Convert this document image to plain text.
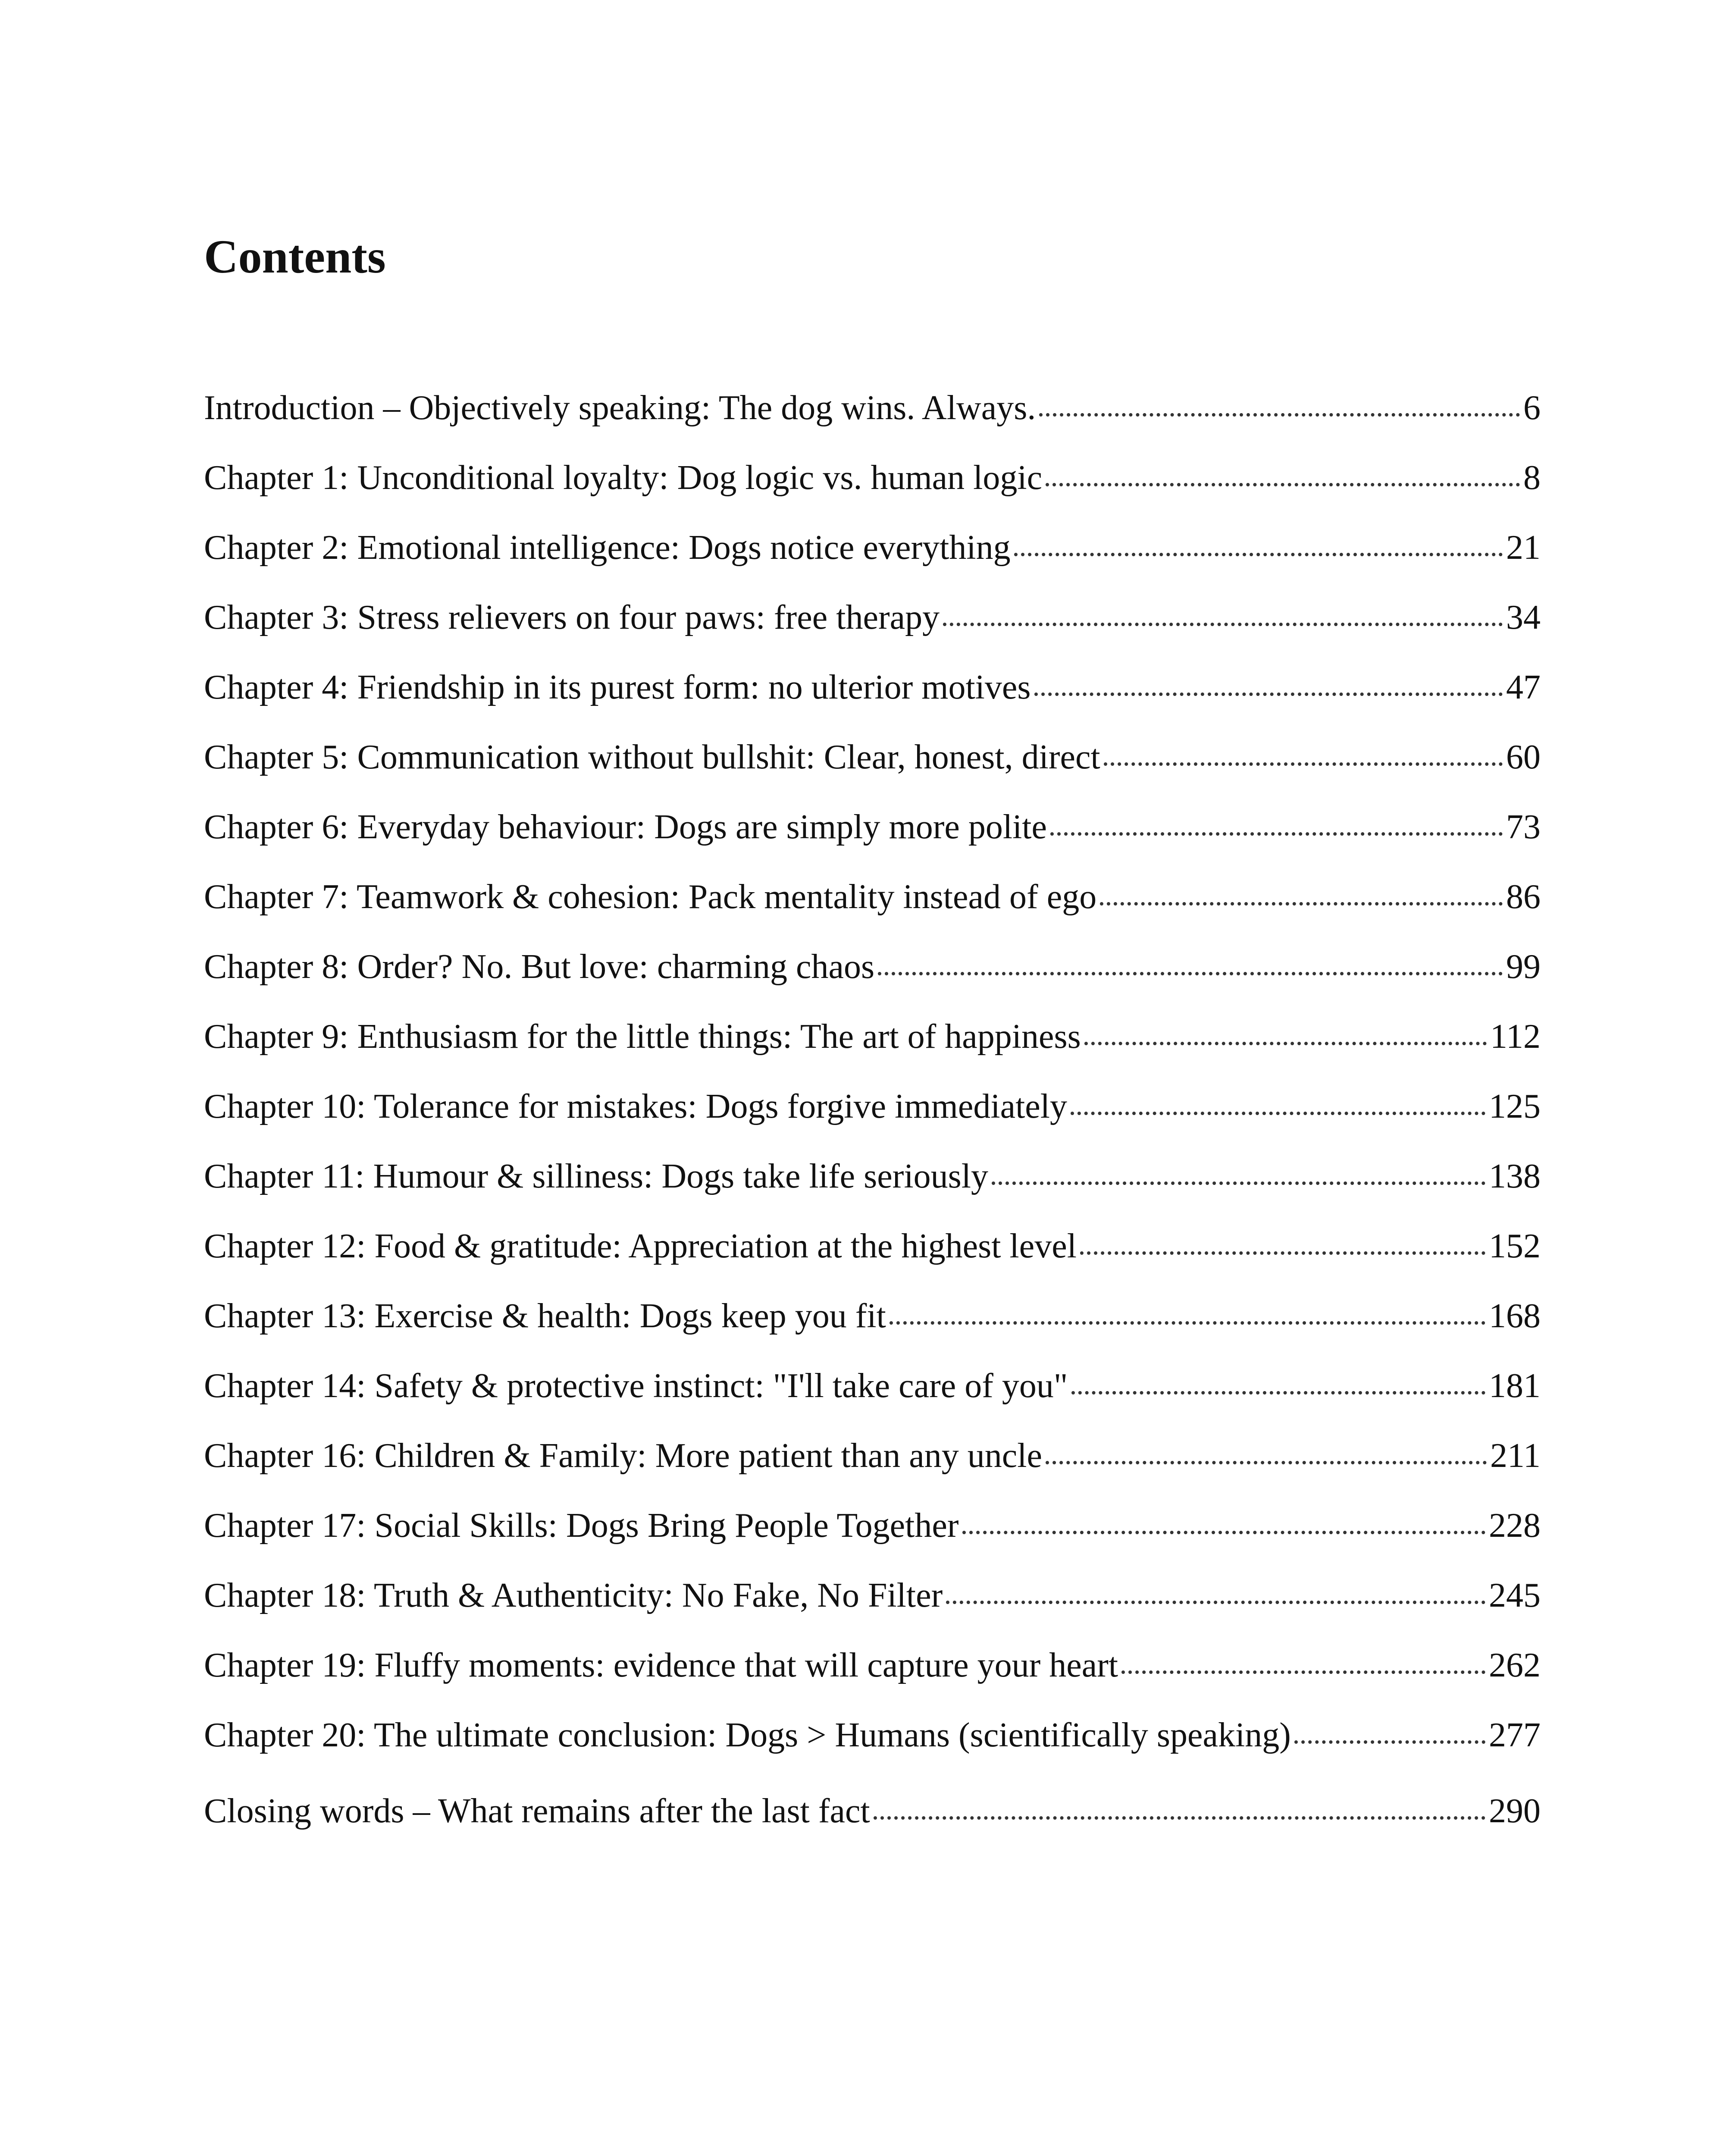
Contents
Introduction – Objectively speaking: The dog wins. Always.	6
Chapter 1: Unconditional loyalty: Dog logic vs. human logic	8
Chapter 2: Emotional intelligence: Dogs notice everything	21
Chapter 3: Stress relievers on four paws: free therapy	34
Chapter 4: Friendship in its purest form: no ulterior motives	47
Chapter 5: Communication without bullshit: Clear, honest, direct	60
Chapter 6: Everyday behaviour: Dogs are simply more polite	73
Chapter 7: Teamwork & cohesion: Pack mentality instead of ego	86
Chapter 8: Order? No. But love: charming chaos	99
Chapter 9: Enthusiasm for the little things: The art of happiness	112
Chapter 10: Tolerance for mistakes: Dogs forgive immediately	125
Chapter 11: Humour & silliness: Dogs take life seriously	138
Chapter 12: Food & gratitude: Appreciation at the highest level	152
Chapter 13: Exercise & health: Dogs keep you fit	168
Chapter 14: Safety & protective instinct: "I'll take care of you"	181
Chapter 16: Children & Family: More patient than any uncle	211
Chapter 17: Social Skills: Dogs Bring People Together	228
Chapter 18: Truth & Authenticity: No Fake, No Filter	245
Chapter 19: Fluffy moments: evidence that will capture your heart	262
Chapter 20: The ultimate conclusion: Dogs > Humans (scientifically speaking)	277
Closing words – What remains after the last fact	290
